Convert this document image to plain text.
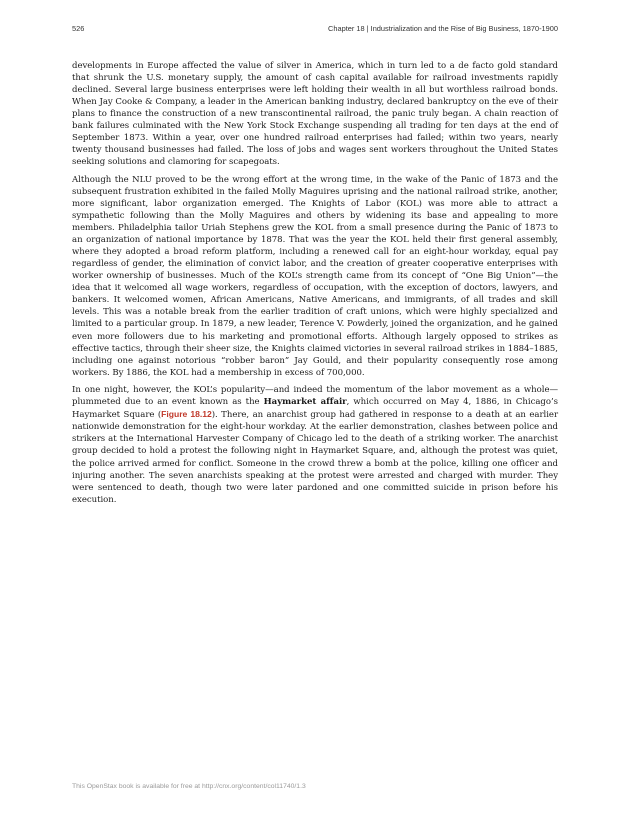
526	Chapter 18 | Industrialization and the Rise of Big Business, 1870-1900

developments in Europe affected the value of silver in America, which in turn led to a de facto gold standard that shrunk the U.S. monetary supply, the amount of cash capital available for railroad investments rapidly declined. Several large business enterprises were left holding their wealth in all but worthless railroad bonds. When Jay Cooke & Company, a leader in the American banking industry, declared bankruptcy on the eve of their plans to finance the construction of a new transcontinental railroad, the panic truly began. A chain reaction of bank failures culminated with the New York Stock Exchange suspending all trading for ten days at the end of September 1873. Within a year, over one hundred railroad enterprises had failed; within two years, nearly twenty thousand businesses had failed. The loss of jobs and wages sent workers throughout the United States seeking solutions and clamoring for scapegoats.

Although the NLU proved to be the wrong effort at the wrong time, in the wake of the Panic of 1873 and the subsequent frustration exhibited in the failed Molly Maguires uprising and the national railroad strike, another, more significant, labor organization emerged. The Knights of Labor (KOL) was more able to attract a sympathetic following than the Molly Maguires and others by widening its base and appealing to more members. Philadelphia tailor Uriah Stephens grew the KOL from a small presence during the Panic of 1873 to an organization of national importance by 1878. That was the year the KOL held their first general assembly, where they adopted a broad reform platform, including a renewed call for an eight-hour workday, equal pay regardless of gender, the elimination of convict labor, and the creation of greater cooperative enterprises with worker ownership of businesses. Much of the KOL’s strength came from its concept of “One Big Union”—the idea that it welcomed all wage workers, regardless of occupation, with the exception of doctors, lawyers, and bankers. It welcomed women, African Americans, Native Americans, and immigrants, of all trades and skill levels. This was a notable break from the earlier tradition of craft unions, which were highly specialized and limited to a particular group. In 1879, a new leader, Terence V. Powderly, joined the organization, and he gained even more followers due to his marketing and promotional efforts. Although largely opposed to strikes as effective tactics, through their sheer size, the Knights claimed victories in several railroad strikes in 1884–1885, including one against notorious “robber baron” Jay Gould, and their popularity consequently rose among workers. By 1886, the KOL had a membership in excess of 700,000.

In one night, however, the KOL’s popularity—and indeed the momentum of the labor movement as a whole—plummeted due to an event known as the Haymarket affair, which occurred on May 4, 1886, in Chicago’s Haymarket Square (Figure 18.12). There, an anarchist group had gathered in response to a death at an earlier nationwide demonstration for the eight-hour workday. At the earlier demonstration, clashes between police and strikers at the International Harvester Company of Chicago led to the death of a striking worker. The anarchist group decided to hold a protest the following night in Haymarket Square, and, although the protest was quiet, the police arrived armed for conflict. Someone in the crowd threw a bomb at the police, killing one officer and injuring another. The seven anarchists speaking at the protest were arrested and charged with murder. They were sentenced to death, though two were later pardoned and one committed suicide in prison before his execution.

This OpenStax book is available for free at http://cnx.org/content/col11740/1.3
